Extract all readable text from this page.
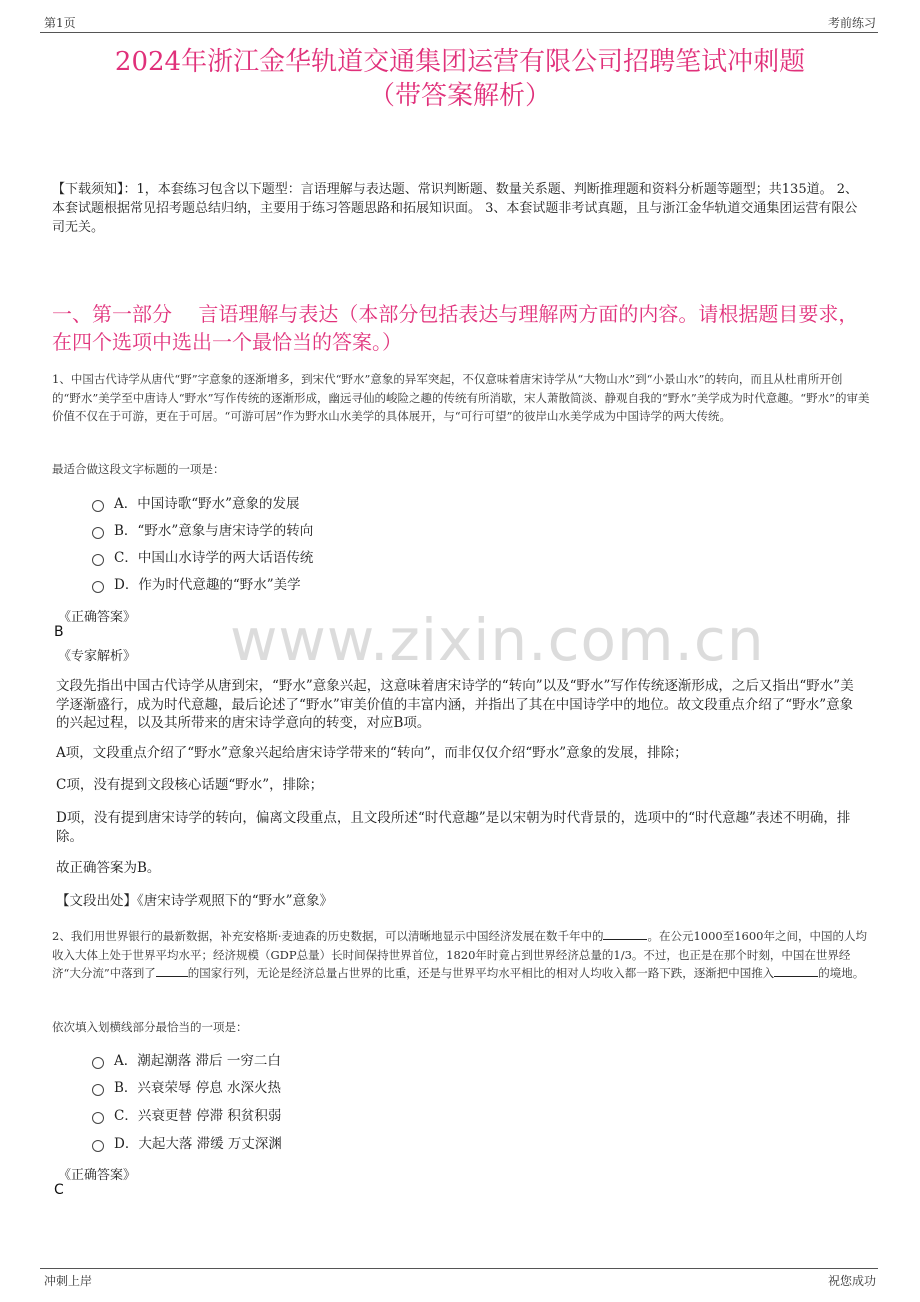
第1页	考前练习
2024年浙江金华轨道交通集团运营有限公司招聘笔试冲刺题
（带答案解析）
【下载须知】：1，本套练习包含以下题型：言语理解与表达题、常识判断题、数量关系题、判断推理题和资料分析题等题型；共135道。 2、本套试题根据常见招考题总结归纳，主要用于练习答题思路和拓展知识面。 3、本套试题非考试真题，且与浙江金华轨道交通集团运营有限公司无关。
一、第一部分　 言语理解与表达（本部分包括表达与理解两方面的内容。请根据题目要求，在四个选项中选出一个最恰当的答案。）
1、中国古代诗学从唐代“野”字意象的逐渐增多，到宋代“野水”意象的异军突起，不仅意味着唐宋诗学从“大物山水”到“小景山水”的转向，而且从杜甫所开创的“野水”美学至中唐诗人“野水”写作传统的逐渐形成，幽远寻仙的峻险之趣的传统有所消歇，宋人萧散简淡、静观自我的“野水”美学成为时代意趣。“野水”的审美价值不仅在于可游，更在于可居。“可游可居”作为野水山水美学的具体展开，与“可行可望”的彼岸山水美学成为中国诗学的两大传统。
最适合做这段文字标题的一项是：
A．中国诗歌“野水”意象的发展
B．“野水”意象与唐宋诗学的转向
C．中国山水诗学的两大话语传统
D．作为时代意趣的“野水”美学
《正确答案》
B
《专家解析》
文段先指出中国古代诗学从唐到宋，“野水”意象兴起，这意味着唐宋诗学的“转向”以及“野水”写作传统逐渐形成，之后又指出“野水”美学逐渐盛行，成为时代意趣，最后论述了“野水”审美价值的丰富内涵，并指出了其在中国诗学中的地位。故文段重点介绍了“野水”意象的兴起过程，以及其所带来的唐宋诗学意向的转变，对应B项。
A项，文段重点介绍了“野水”意象兴起给唐宋诗学带来的“转向”，而非仅仅介绍“野水”意象的发展，排除；
C项，没有提到文段核心话题“野水”，排除；
D项，没有提到唐宋诗学的转向，偏离文段重点，且文段所述“时代意趣”是以宋朝为时代背景的，选项中的“时代意趣”表述不明确，排除。
故正确答案为B。
【文段出处】《唐宋诗学观照下的“野水”意象》
2、我们用世界银行的最新数据，补充安格斯·麦迪森的历史数据，可以清晰地显示中国经济发展在数千年中的	。在公元1000至1600年之间，中国的人均收入大体上处于世界平均水平；经济规模（GDP总量）长时间保持世界首位，1820年时竟占到世界经济总量的1/3。不过，也正是在那个时刻，中国在世界经济“大分流”中落到了	的国家行列，无论是经济总量占世界的比重，还是与世界平均水平相比的相对人均收入都一路下跌，逐渐把中国推入	的境地。
依次填入划横线部分最恰当的一项是：
A．潮起潮落 滞后 一穷二白
B．兴衰荣辱 停息 水深火热
C．兴衰更替 停滞 积贫积弱
D．大起大落 滞缓 万丈深渊
《正确答案》
C
www.zixin.com.cn
冲刺上岸	祝您成功
